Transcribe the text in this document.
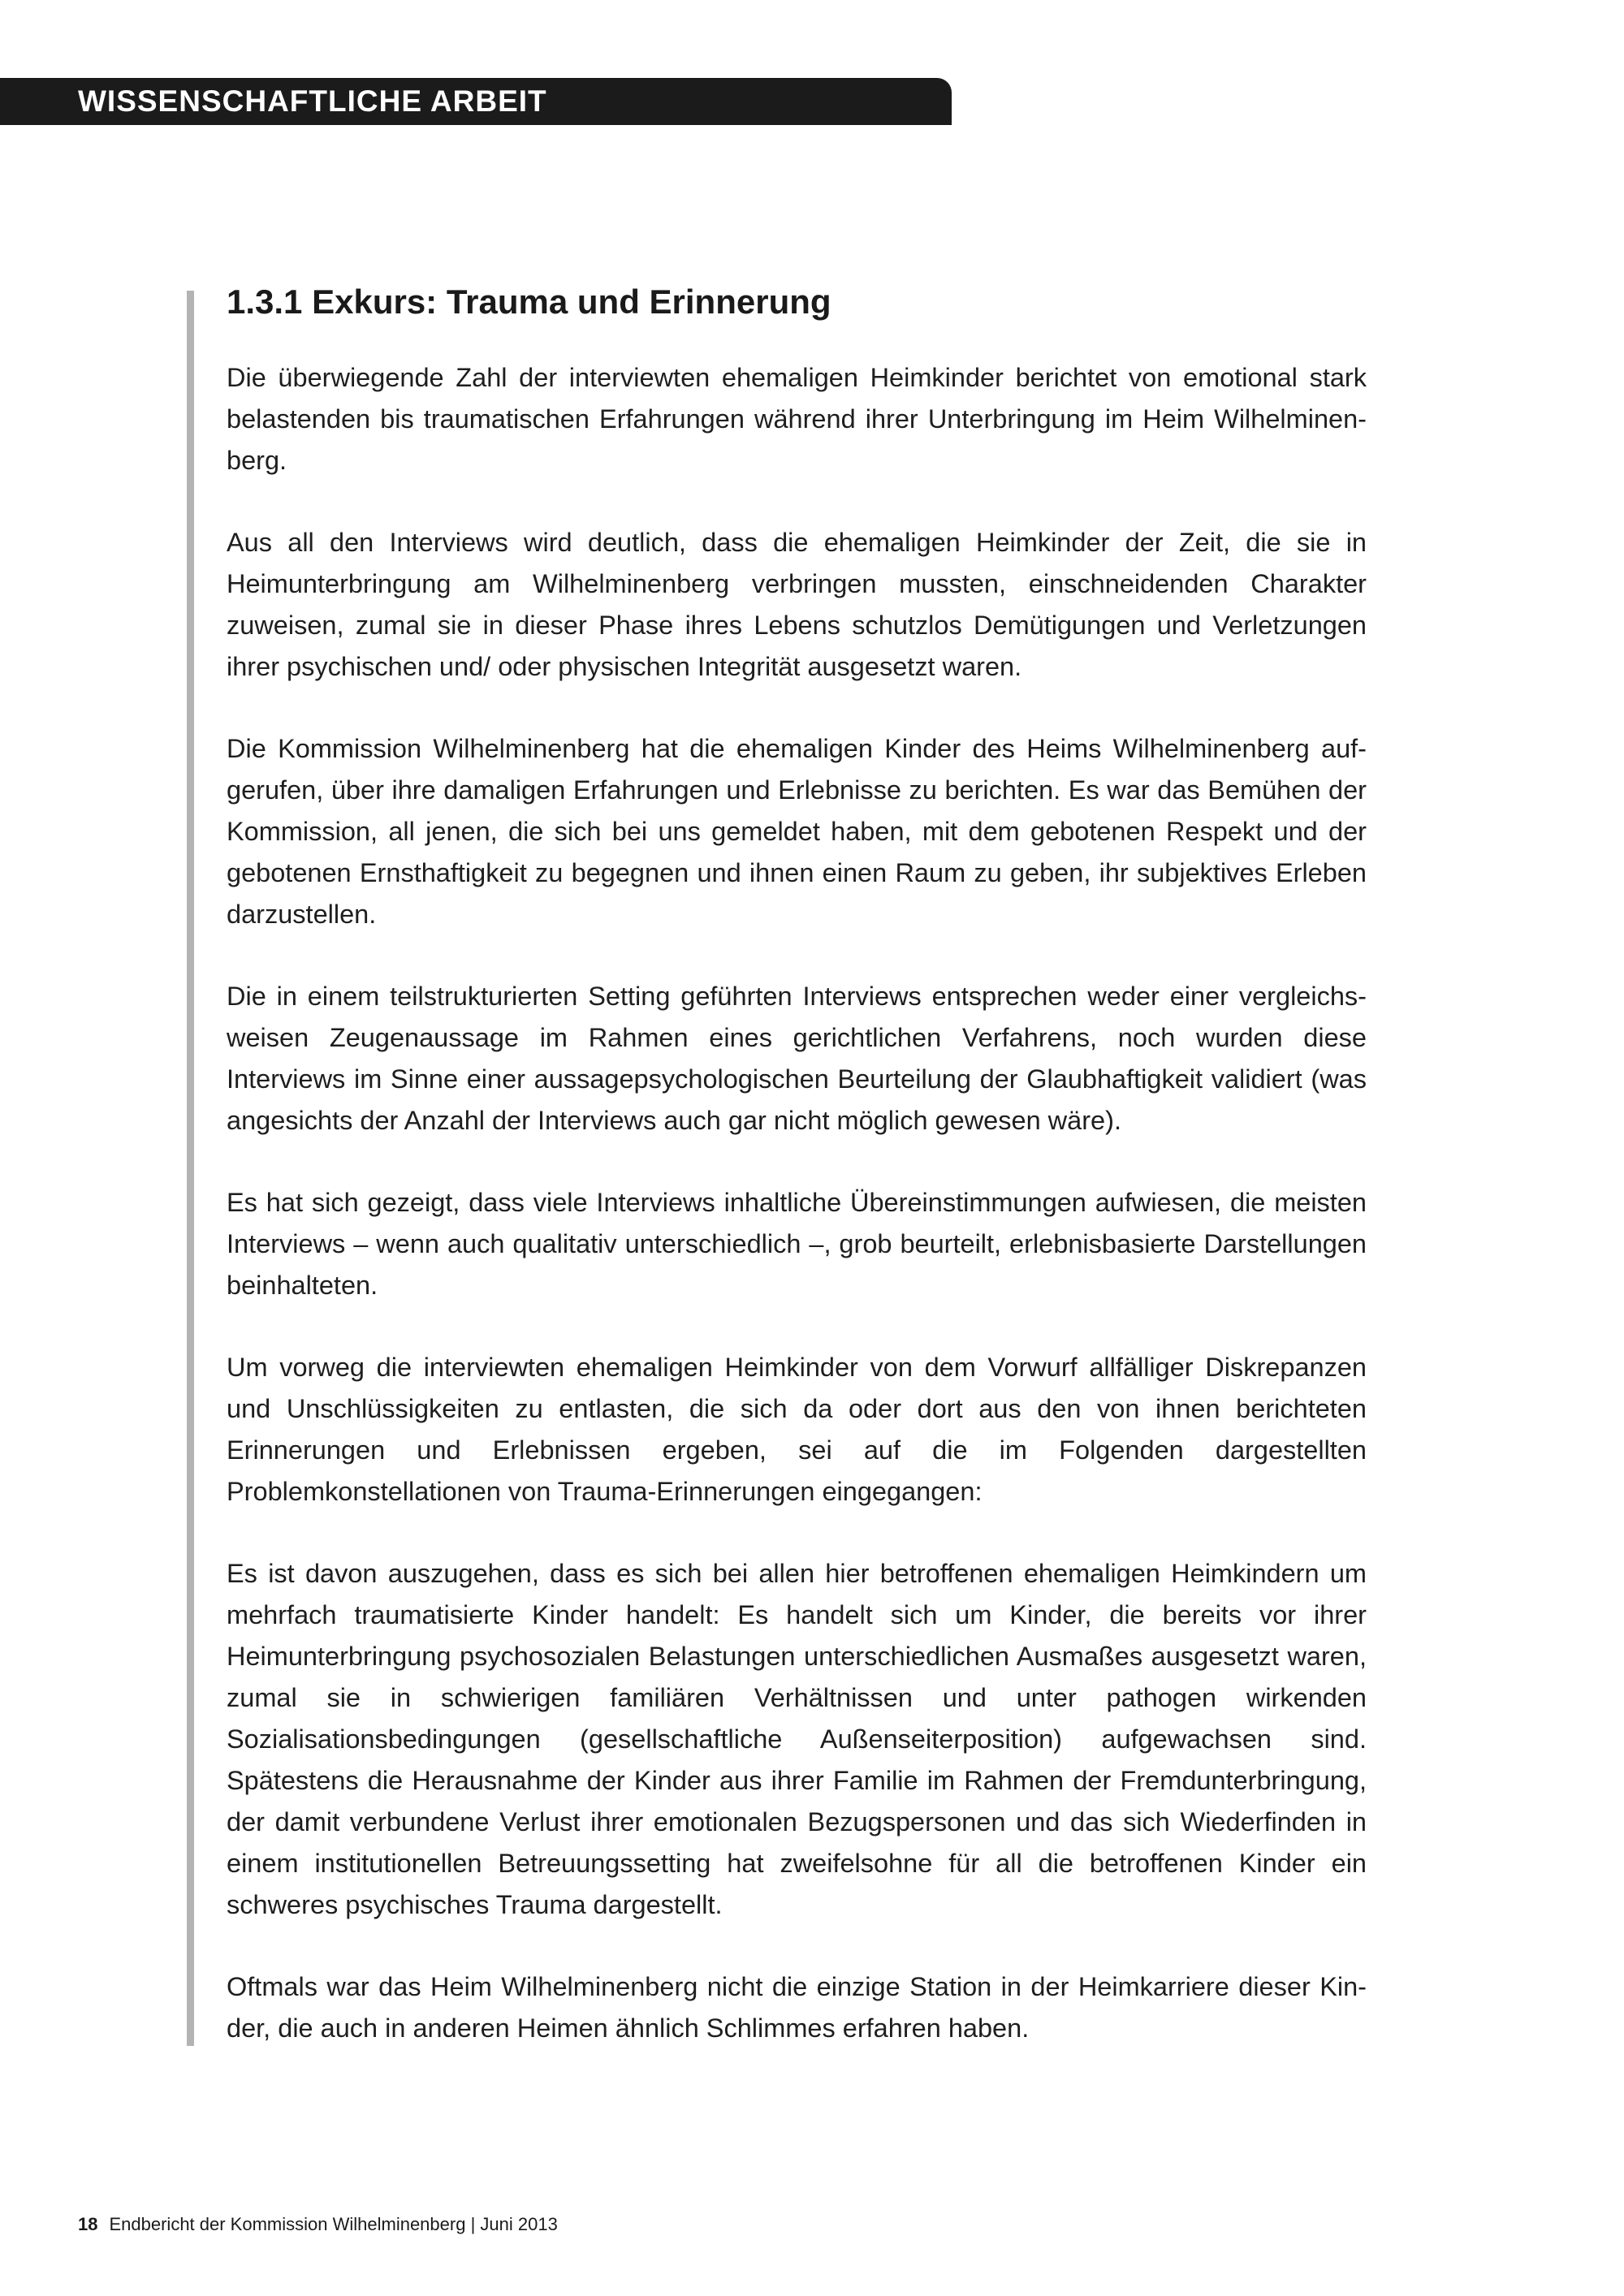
WISSENSCHAFTLICHE ARBEIT
1.3.1 Exkurs: Trauma und Erinnerung

Die überwiegende Zahl der interviewten ehemaligen Heimkinder berichtet von emotional stark belastenden bis traumatischen Erfahrungen während ihrer Unterbringung im Heim Wilhelminenberg.

Aus all den Interviews wird deutlich, dass die ehemaligen Heimkinder der Zeit, die sie in Heimunterbringung am Wilhelminenberg verbringen mussten, einschneidenden Charakter zuweisen, zumal sie in dieser Phase ihres Lebens schutzlos Demütigungen und Verletzungen ihrer psychischen und/ oder physischen Integrität ausgesetzt waren.

Die Kommission Wilhelminenberg hat die ehemaligen Kinder des Heims Wilhelminenberg aufgerufen, über ihre damaligen Erfahrungen und Erlebnisse zu berichten. Es war das Bemühen der Kommission, all jenen, die sich bei uns gemeldet haben, mit dem gebotenen Respekt und der gebotenen Ernsthaftigkeit zu begegnen und ihnen einen Raum zu geben, ihr subjektives Erleben darzustellen.

Die in einem teilstrukturierten Setting geführten Interviews entsprechen weder einer vergleichsweisen Zeugenaussage im Rahmen eines gerichtlichen Verfahrens, noch wurden diese Interviews im Sinne einer aussagepsychologischen Beurteilung der Glaubhaftigkeit validiert (was angesichts der Anzahl der Interviews auch gar nicht möglich gewesen wäre).

Es hat sich gezeigt, dass viele Interviews inhaltliche Übereinstimmungen aufwiesen, die meisten Interviews – wenn auch qualitativ unterschiedlich –, grob beurteilt, erlebnisbasierte Darstellungen beinhalteten.

Um vorweg die interviewten ehemaligen Heimkinder von dem Vorwurf allfälliger Diskrepanzen und Unschlüssigkeiten zu entlasten, die sich da oder dort aus den von ihnen berichteten Erinnerungen und Erlebnissen ergeben, sei auf die im Folgenden dargestellten Problemkonstellationen von Trauma-Erinnerungen eingegangen:

Es ist davon auszugehen, dass es sich bei allen hier betroffenen ehemaligen Heimkindern um mehrfach traumatisierte Kinder handelt: Es handelt sich um Kinder, die bereits vor ihrer Heimunterbringung psychosozialen Belastungen unterschiedlichen Ausmaßes ausgesetzt waren, zumal sie in schwierigen familiären Verhältnissen und unter pathogen wirkenden Sozialisationsbedingungen (gesellschaftliche Außenseiterposition) aufgewachsen sind. Spätestens die Herausnahme der Kinder aus ihrer Familie im Rahmen der Fremdunterbringung, der damit verbundene Verlust ihrer emotionalen Bezugspersonen und das sich Wiederfinden in einem institutionellen Betreuungssetting hat zweifelsohne für all die betroffenen Kinder ein schweres psychisches Trauma dargestellt.

Oftmals war das Heim Wilhelminenberg nicht die einzige Station in der Heimkarriere dieser Kinder, die auch in anderen Heimen ähnlich Schlimmes erfahren haben.

18 Endbericht der Kommission Wilhelminenberg | Juni 2013
